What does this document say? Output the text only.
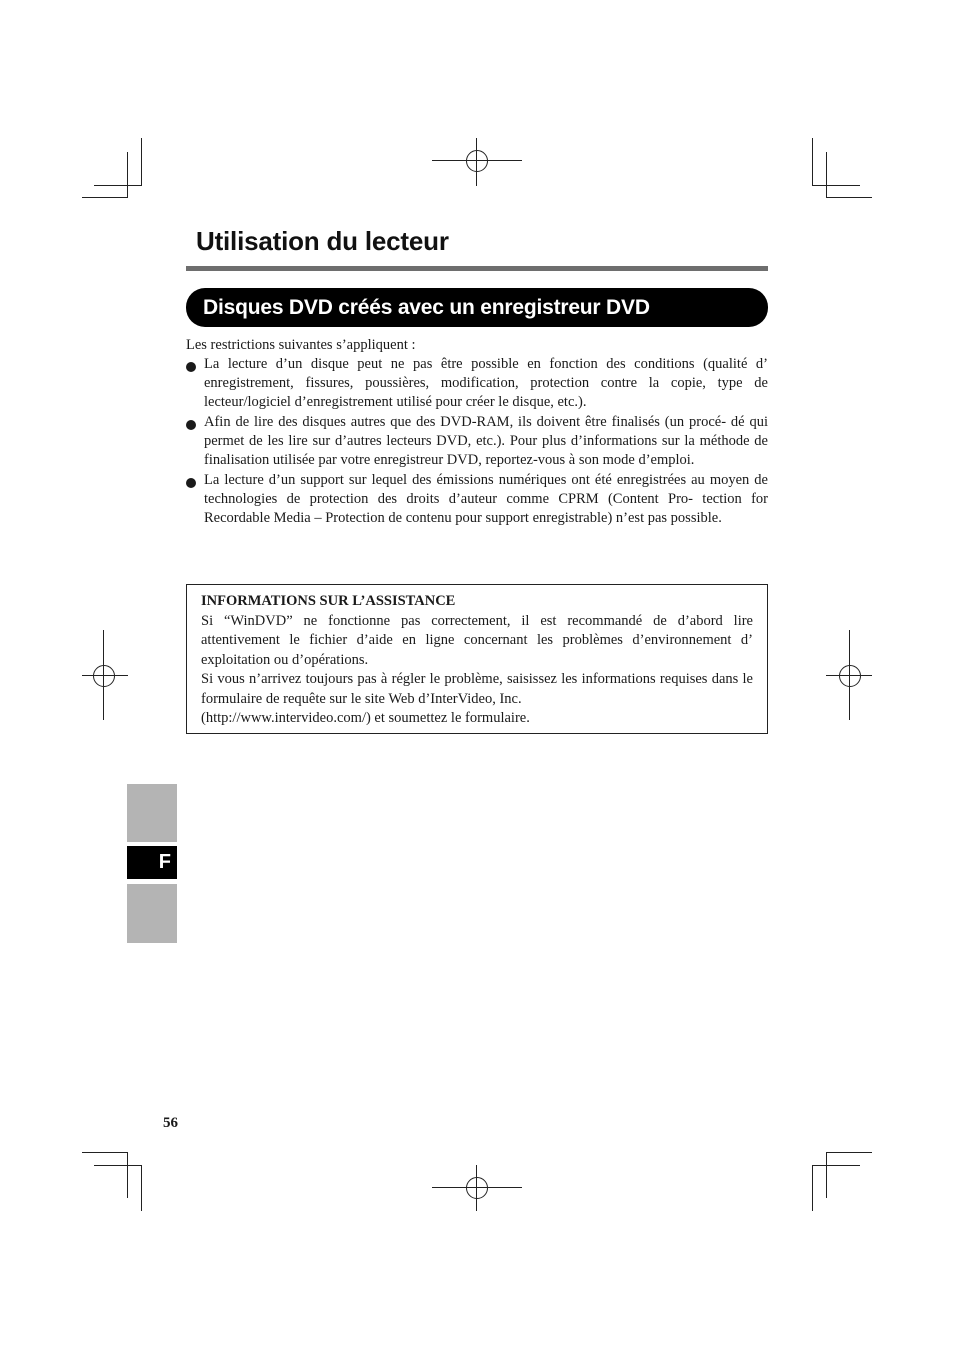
Utilisation du lecteur
Disques DVD créés avec un enregistreur DVD
Les restrictions suivantes s’appliquent :
La lecture d’un disque peut ne pas être possible en fonction des conditions (qualité d’ enregistrement, fissures, poussières, modification, protection contre la copie, type de lecteur/logiciel d’enregistrement utilisé pour créer le disque, etc.).
Afin de lire des disques autres que des DVD-RAM, ils doivent être finalisés (un procé- dé qui permet de les lire sur d’autres lecteurs DVD, etc.). Pour plus d’informations sur la méthode de finalisation utilisée par votre enregistreur DVD, reportez-vous à son mode d’emploi.
La lecture d’un support sur lequel des émissions numériques ont été enregistrées au moyen de technologies de protection des droits d’auteur comme CPRM (Content Pro- tection for Recordable Media – Protection de contenu pour support enregistrable) n’est pas possible.
INFORMATIONS SUR L’ASSISTANCE

Si “WinDVD” ne fonctionne pas correctement, il est recommandé de d’abord lire attentivement le fichier d’aide en ligne concernant les problèmes d’environnement d’ exploitation ou d’opérations.

Si vous n’arrivez toujours pas à régler le problème, saisissez les informations requises dans le formulaire de requête sur le site Web d’InterVideo, Inc.

(http://www.intervideo.com/) et soumettez le formulaire.

F
56
